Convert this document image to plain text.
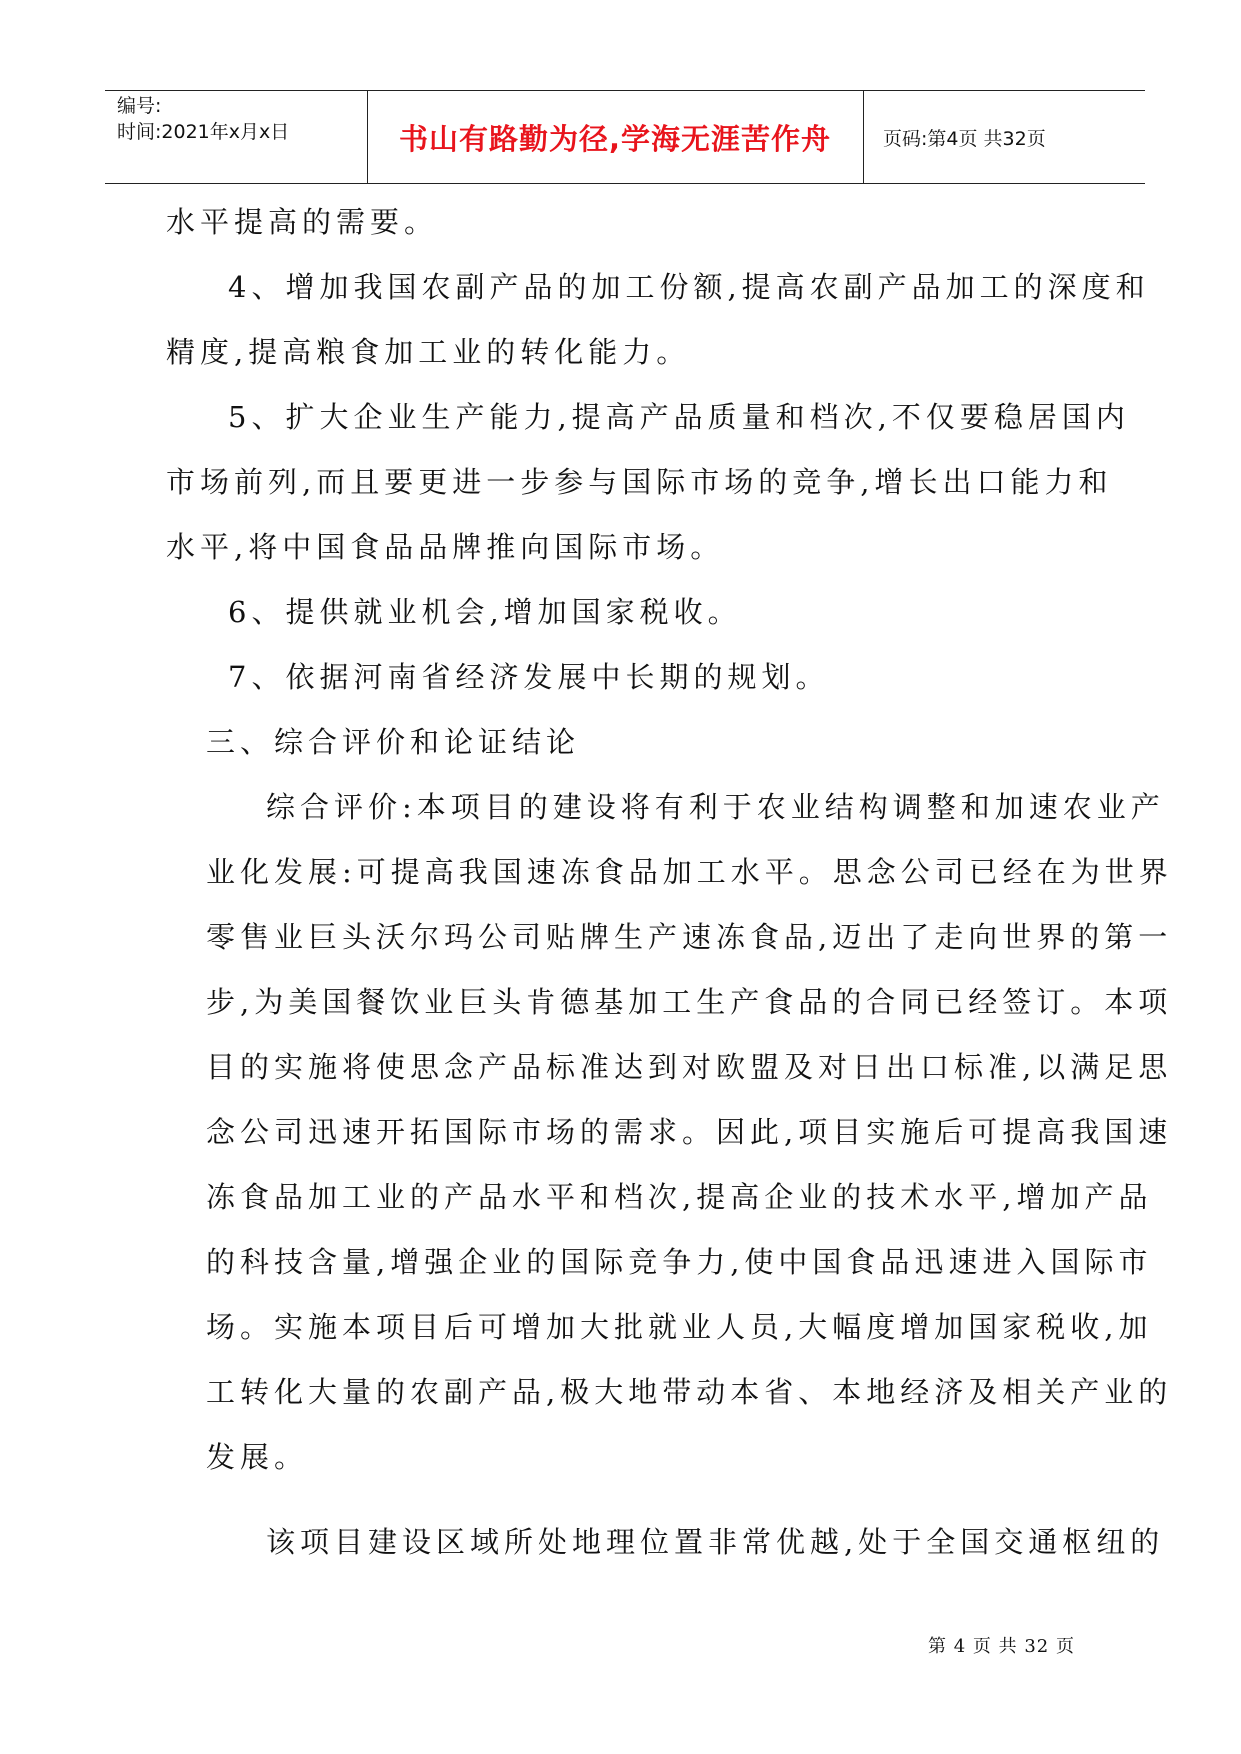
编号:
时间:2021年x月x日	书山有路勤为径,学海无涯苦作舟	页码:第4页 共32页
水平提高的需要。
4、增加我国农副产品的加工份额,提高农副产品加工的深度和
精度,提高粮食加工业的转化能力。
5、扩大企业生产能力,提高产品质量和档次,不仅要稳居国内
市场前列,而且要更进一步参与国际市场的竞争,增长出口能力和
水平,将中国食品品牌推向国际市场。
6、提供就业机会,增加国家税收。
7、依据河南省经济发展中长期的规划。
三、综合评价和论证结论
综合评价:本项目的建设将有利于农业结构调整和加速农业产
业化发展:可提高我国速冻食品加工水平。思念公司已经在为世界
零售业巨头沃尔玛公司贴牌生产速冻食品,迈出了走向世界的第一
步,为美国餐饮业巨头肯德基加工生产食品的合同已经签订。本项
目的实施将使思念产品标准达到对欧盟及对日出口标准,以满足思
念公司迅速开拓国际市场的需求。因此,项目实施后可提高我国速
冻食品加工业的产品水平和档次,提高企业的技术水平,增加产品
的科技含量,增强企业的国际竞争力,使中国食品迅速进入国际市
场。实施本项目后可增加大批就业人员,大幅度增加国家税收,加
工转化大量的农副产品,极大地带动本省、本地经济及相关产业的
发展。
该项目建设区域所处地理位置非常优越,处于全国交通枢纽的
第 4 页 共 32 页
